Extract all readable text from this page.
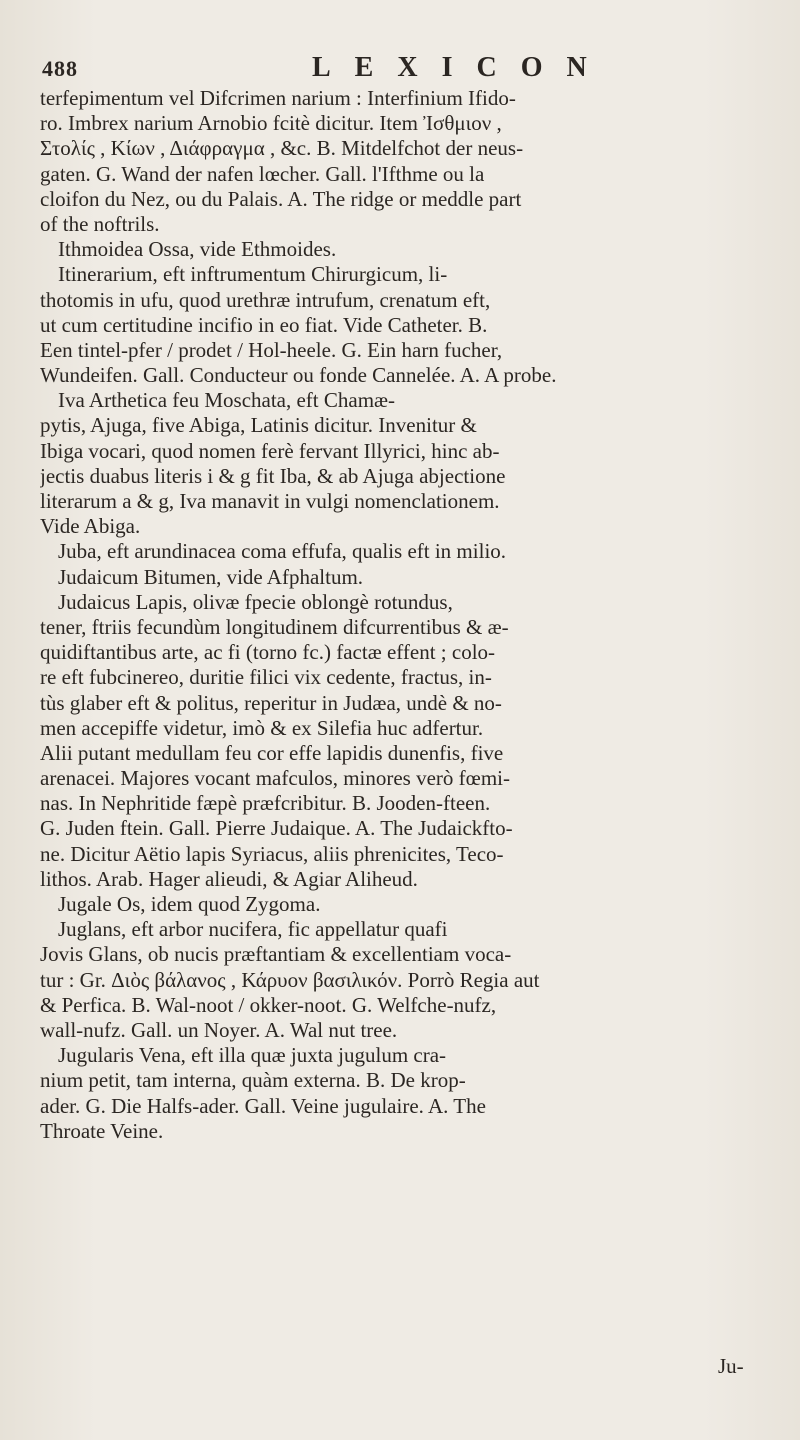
488	LEXICON
terfepimentum vel Difcrimen narium : Interfinium Ifido-
ro. Imbrex narium Arnobio fcitè dicitur. Item Ἰσθμιον ,
Στολίς , Κίων , Διάφραγμα , &c. B. Mitdelfchot der neus-
gaten. G. Wand der nafen lœcher. Gall. l'Ifthme ou la
cloifon du Nez, ou du Palais. A. The ridge or meddle part
of the noftrils.
Ithmoidea Ossa, vide Ethmoides.
Itinerarium, eft inftrumentum Chirurgicum, li-
thotomis in ufu, quod urethræ intrufum, crenatum eft,
ut cum certitudine incifio in eo fiat. Vide Catheter. B.
Een tintel-pfer / prodet / Hol-heele. G. Ein harn fucher,
Wundeifen. Gall. Conducteur ou fonde Cannelée. A. A probe.
Iva Arthetica feu Moschata, eft Chamæ-
pytis, Ajuga, five Abiga, Latinis dicitur. Invenitur &
Ibiga vocari, quod nomen ferè fervant Illyrici, hinc ab-
jectis duabus literis i & g fit Iba, & ab Ajuga abjectione
literarum a & g, Iva manavit in vulgi nomenclationem.
Vide Abiga.
Juba, eft arundinacea coma effufa, qualis eft in milio.
Judaicum Bitumen, vide Afphaltum.
Judaicus Lapis, olivæ fpecie oblongè rotundus,
tener, ftriis fecundùm longitudinem difcurrentibus & æ-
quidiftantibus arte, ac fi (torno fc.) factæ effent ; colo-
re eft fubcinereo, duritie filici vix cedente, fractus, in-
tùs glaber eft & politus, reperitur in Judæa, undè & no-
men accepiffe videtur, imò & ex Silefia huc adfertur.
Alii putant medullam feu cor effe lapidis dunenfis, five
arenacei. Majores vocant mafculos, minores verò fœmi-
nas. In Nephritide fæpè præfcribitur. B. Jooden-fteen.
G. Juden ftein. Gall. Pierre Judaique. A. The Judaickfto-
ne. Dicitur Aëtio lapis Syriacus, aliis phrenicites, Teco-
lithos. Arab. Hager alieudi, & Agiar Aliheud.
Jugale Os, idem quod Zygoma.
Juglans, eft arbor nucifera, fic appellatur quafi
Jovis Glans, ob nucis præftantiam & excellentiam voca-
tur : Gr. Διὸς βάλανος , Κάρυον βασιλικόν. Porrò Regia aut
& Perfica. B. Wal-noot / okker-noot. G. Welfche-nufz,
wall-nufz. Gall. un Noyer. A. Wal nut tree.
Jugularis Vena, eft illa quæ juxta jugulum cra-
nium petit, tam interna, quàm externa. B. De krop-
ader. G. Die Halfs-ader. Gall. Veine jugulaire. A. The
Throate Veine.
Ju-
